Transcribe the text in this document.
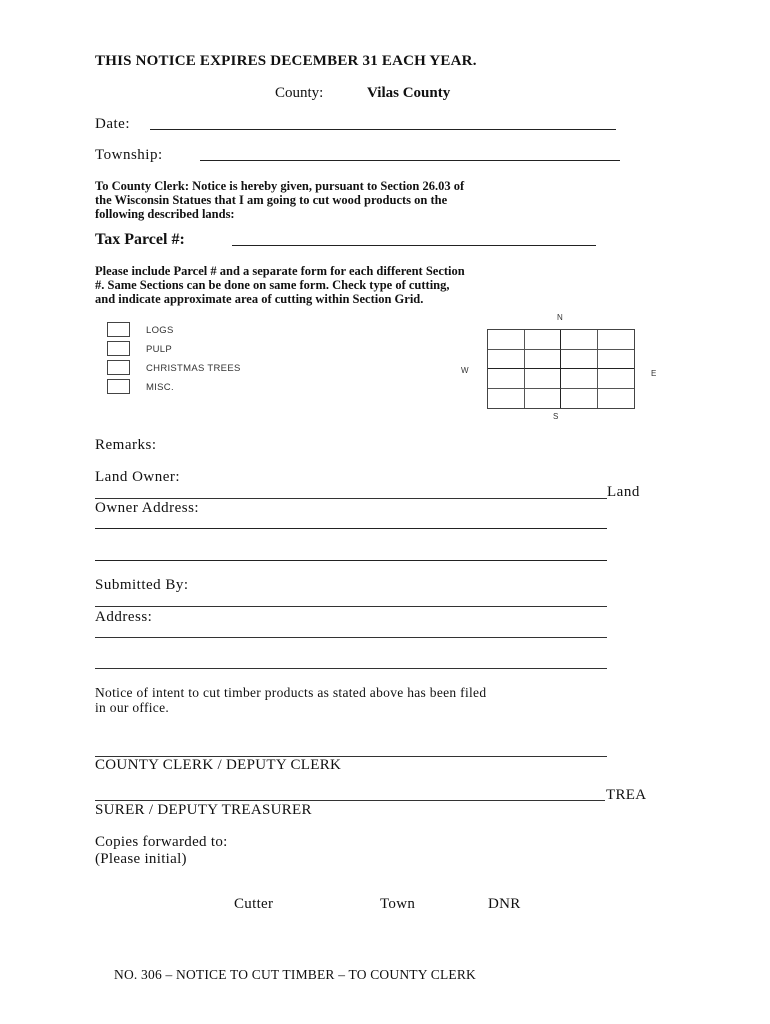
THIS NOTICE EXPIRES DECEMBER 31 EACH YEAR.
County:	Vilas County
Date:
Township:
To County Clerk: Notice is hereby given, pursuant to Section 26.03 of
the Wisconsin Statues that I am going to cut wood products on the
following described lands:
Tax Parcel #:
Please include Parcel # and a separate form for each different Section
#. Same Sections can be done on same form. Check type of cutting,
and indicate approximate area of cutting within Section Grid.
LOGS
PULP
CHRISTMAS TREES
MISC.
N
W	E
S
Remarks:
Land Owner:
Land
Owner Address:
Submitted By:
Address:
Notice of intent to cut timber products as stated above has been filed
in our office.
COUNTY CLERK / DEPUTY CLERK
TREA
SURER / DEPUTY TREASURER
Copies forwarded to:
(Please initial)
Cutter	Town	DNR
NO. 306 – NOTICE TO CUT TIMBER – TO COUNTY CLERK
